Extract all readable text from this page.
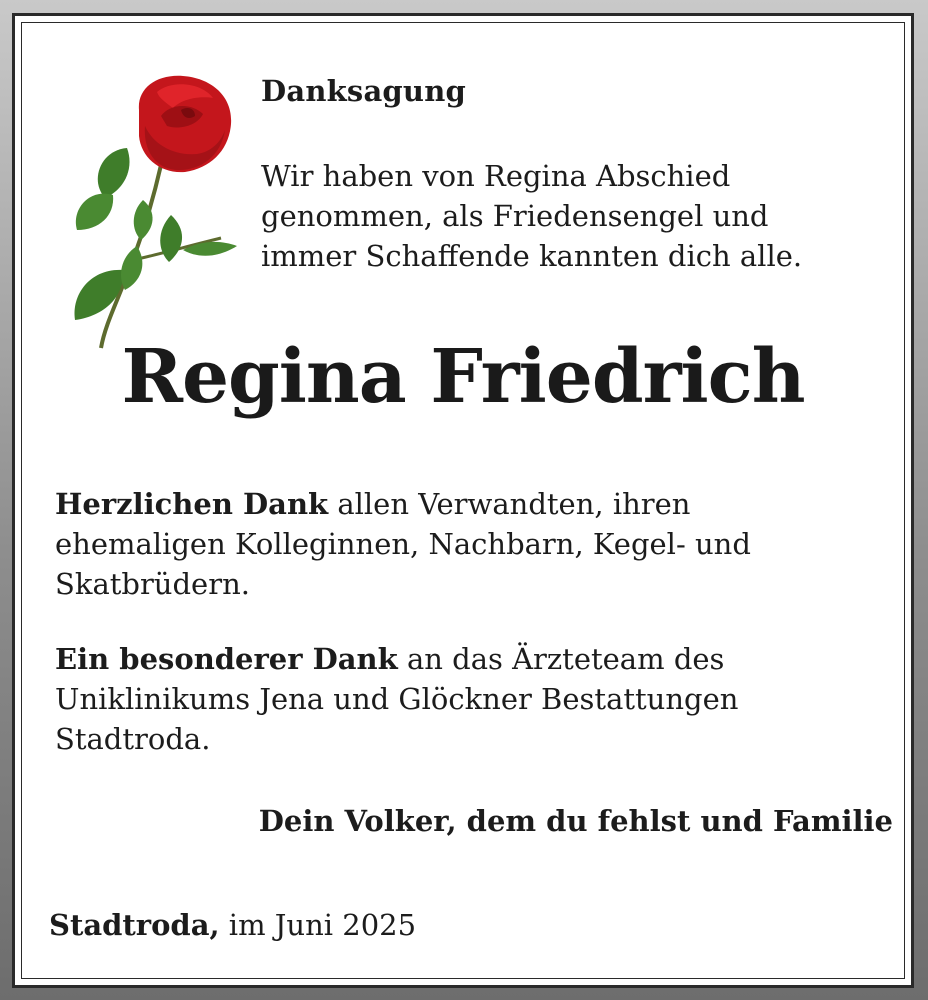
Danksagung

Wir haben von Regina Abschied
genommen, als Friedensengel und
immer Schaffende kannten dich alle.

Regina Friedrich

Herzlichen Dank allen Verwandten, ihren
ehemaligen Kolleginnen, Nachbarn, Kegel- und
Skatbrüdern.

Ein besonderer Dank an das Ärzteteam des
Uniklinikums Jena und Glöckner Bestattungen
Stadtroda.

Dein Volker, dem du fehlst und Familie

Stadtroda, im Juni 2025
